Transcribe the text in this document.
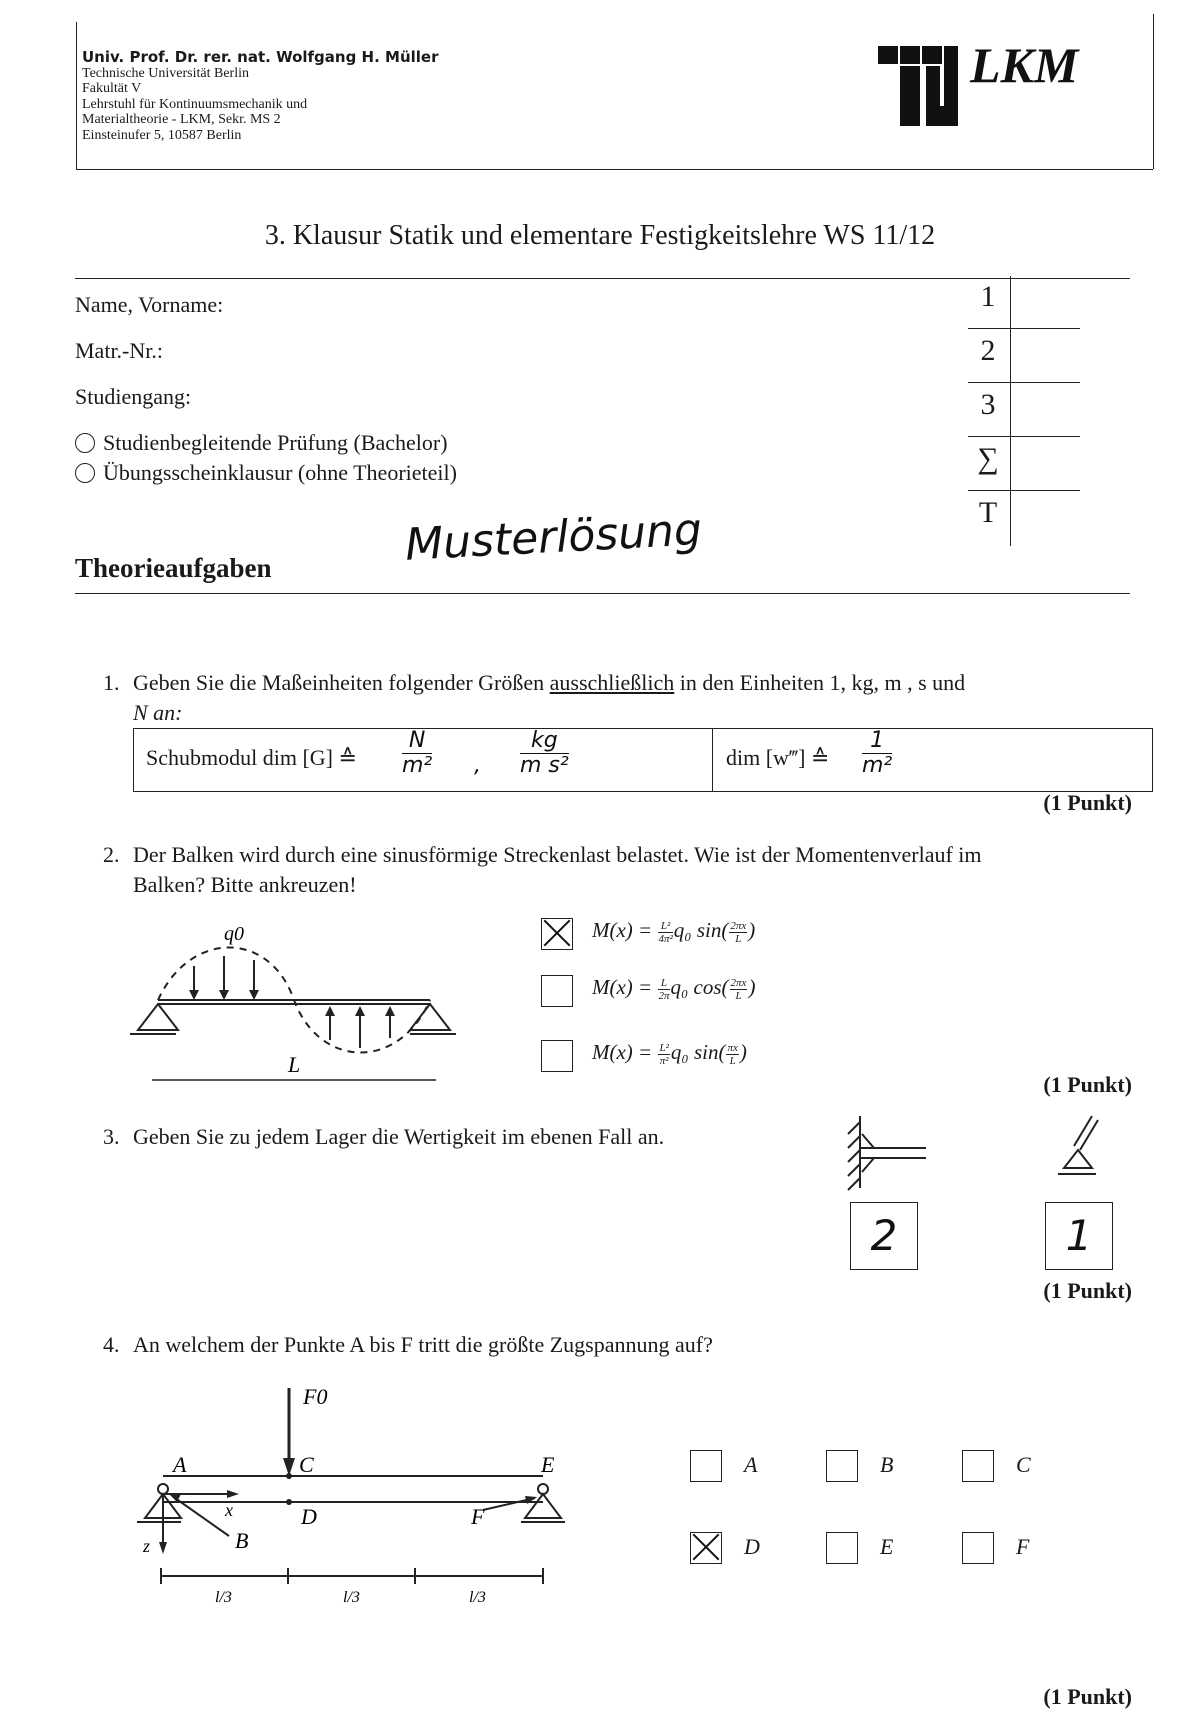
Univ. Prof. Dr. rer. nat. Wolfgang H. Müller
Technische Universität Berlin
Fakultät V
Lehrstuhl für Kontinuumsmechanik und
Materialtheorie - LKM, Sekr. MS 2
Einsteinufer 5, 10587 Berlin
LKM
3. Klausur Statik und elementare Festigkeitslehre WS 11/12
Name, Vorname:
Matr.-Nr.:
Studiengang:
Studienbegleitende Prüfung (Bachelor)
Übungsscheinklausur (ohne Theorieteil)
1
2
3
∑
T
Theorieaufgaben	Musterlösung
1. Geben Sie die Maßeinheiten folgender Größen ausschließlich in den Einheiten 1, kg, m , s und
N an:
Schubmodul dim [G] ≙ $\frac{N}{\text{m²}}$ , $\frac{kg}{\text{m s²}}$	dim [w‴] ≙ $\frac{1}{\text{m²}}$
(1 Punkt)
2. Der Balken wird durch eine sinusförmige Streckenlast belastet. Wie ist der Momentenverlauf im
Balken? Bitte ankreuzen!
q0
L
$M(x) = \frac{\text{L²}}{\text{4π²}} q_0$ $\sin( \frac{2\pi x}{L}$ )
$M(x) = \frac{L}{2\pi} q_0$ $\cos( \frac{2\pi x}{L}$ )
$M(x) = \frac{\text{L²}}{\text{π²}} q_0$ $\sin( \frac{\pi x}{L}$ )
(1 Punkt)
3. Geben Sie zu jedem Lager die Wertigkeit im ebenen Fall an.
2	1
(1 Punkt)
4. An welchem der Punkte A bis F tritt die größte Zugspannung auf?
F0
A
B
C
D
E
F
x
z
l/3	l/3	l/3
A	B	C
D	E	F
(1 Punkt)
